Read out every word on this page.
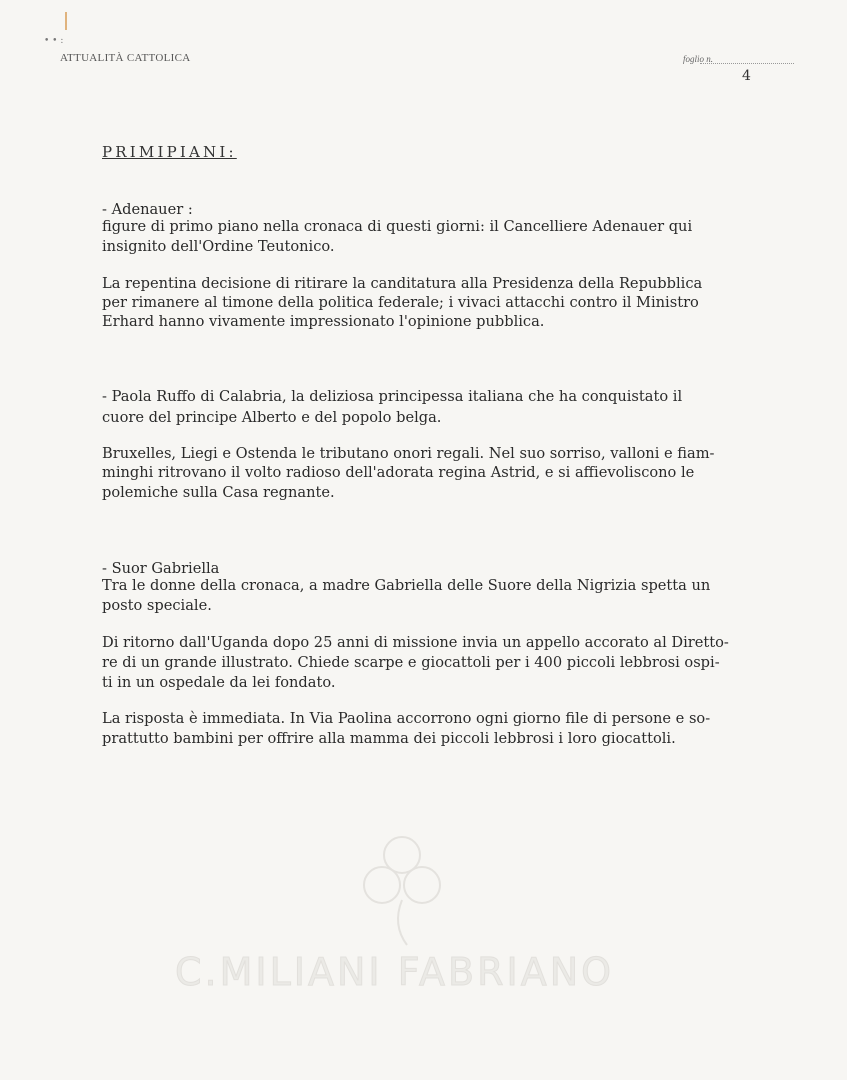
• • :
ATTUALITÀ CATTOLICA	foglio n.
4
PRIMIPIANI:
- Adenauer :
figure di primo piano nella cronaca di questi giorni: il Cancelliere Adenauer qui
insignito dell'Ordine Teutonico.
La repentina decisione di ritirare la canditatura alla Presidenza della Repubblica
per rimanere al timone della politica federale; i vivaci attacchi contro il Ministro
Erhard hanno vivamente impressionato l'opinione pubblica.
- Paola Ruffo di Calabria, la deliziosa principessa italiana che ha conquistato il
cuore del principe Alberto e del popolo belga.
Bruxelles, Liegi e Ostenda le tributano onori regali. Nel suo sorriso, valloni e fiam-
minghi ritrovano il volto radioso dell'adorata regina Astrid, e si affievoliscono le
polemiche sulla Casa regnante.
- Suor Gabriella
Tra le donne della cronaca, a madre Gabriella delle Suore della Nigrizia spetta un
posto speciale.
Di ritorno dall'Uganda dopo 25 anni di missione invia un appello accorato al Diretto-
re di un grande illustrato. Chiede scarpe e giocattoli per i 400 piccoli lebbrosi ospi-
ti in un ospedale da lei fondato.
La risposta è immediata. In Via Paolina accorrono ogni giorno file di persone e so-
prattutto bambini per offrire alla mamma dei piccoli lebbrosi i loro giocattoli.
C.MILIANI FABRIANO
